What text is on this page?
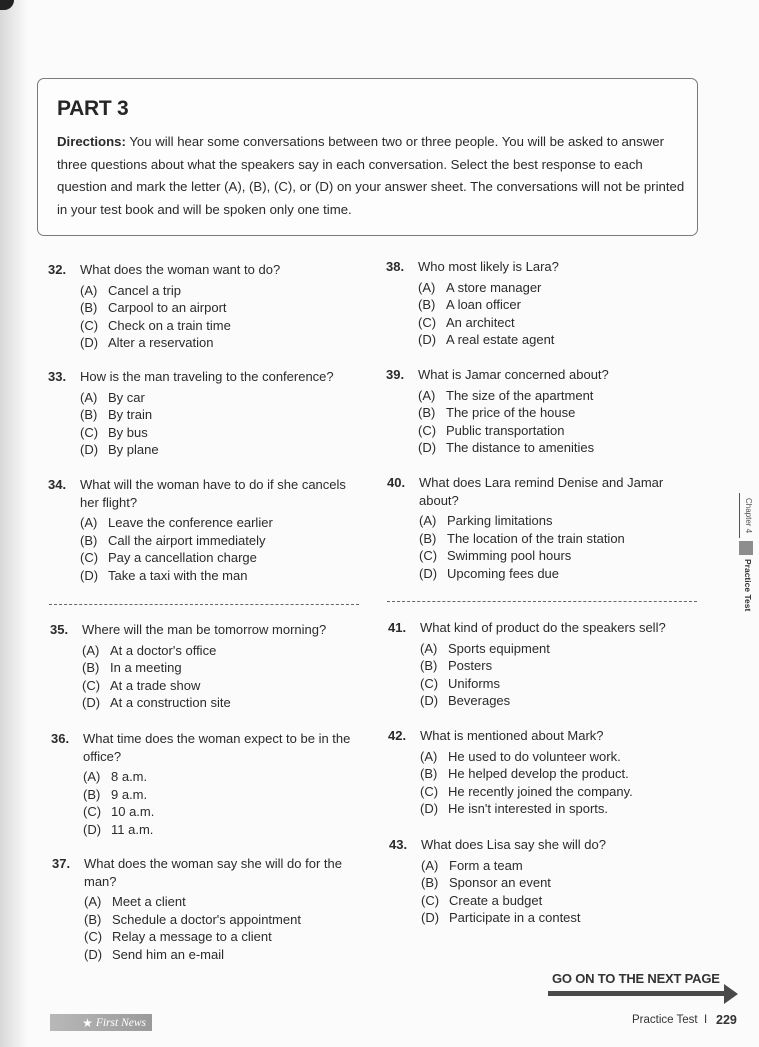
PART 3
Directions: You will hear some conversations between two or three people. You will be asked to answer three questions about what the speakers say in each conversation. Select the best response to each question and mark the letter (A), (B), (C), or (D) on your answer sheet. The conversations will not be printed in your test book and will be spoken only one time.
32. What does the woman want to do?
(A) Cancel a trip
(B) Carpool to an airport
(C) Check on a train time
(D) Alter a reservation
33. How is the man traveling to the conference?
(A) By car
(B) By train
(C) By bus
(D) By plane
34. What will the woman have to do if she cancels her flight?
(A) Leave the conference earlier
(B) Call the airport immediately
(C) Pay a cancellation charge
(D) Take a taxi with the man
35. Where will the man be tomorrow morning?
(A) At a doctor's office
(B) In a meeting
(C) At a trade show
(D) At a construction site
36. What time does the woman expect to be in the office?
(A) 8 a.m.
(B) 9 a.m.
(C) 10 a.m.
(D) 11 a.m.
37. What does the woman say she will do for the man?
(A) Meet a client
(B) Schedule a doctor's appointment
(C) Relay a message to a client
(D) Send him an e-mail
38. Who most likely is Lara?
(A) A store manager
(B) A loan officer
(C) An architect
(D) A real estate agent
39. What is Jamar concerned about?
(A) The size of the apartment
(B) The price of the house
(C) Public transportation
(D) The distance to amenities
40. What does Lara remind Denise and Jamar about?
(A) Parking limitations
(B) The location of the train station
(C) Swimming pool hours
(D) Upcoming fees due
41. What kind of product do the speakers sell?
(A) Sports equipment
(B) Posters
(C) Uniforms
(D) Beverages
42. What is mentioned about Mark?
(A) He used to do volunteer work.
(B) He helped develop the product.
(C) He recently joined the company.
(D) He isn't interested in sports.
43. What does Lisa say she will do?
(A) Form a team
(B) Sponsor an event
(C) Create a budget
(D) Participate in a contest
Chapter 4
Practice Test
GO ON TO THE NEXT PAGE
★ First News	Practice Test I 229
